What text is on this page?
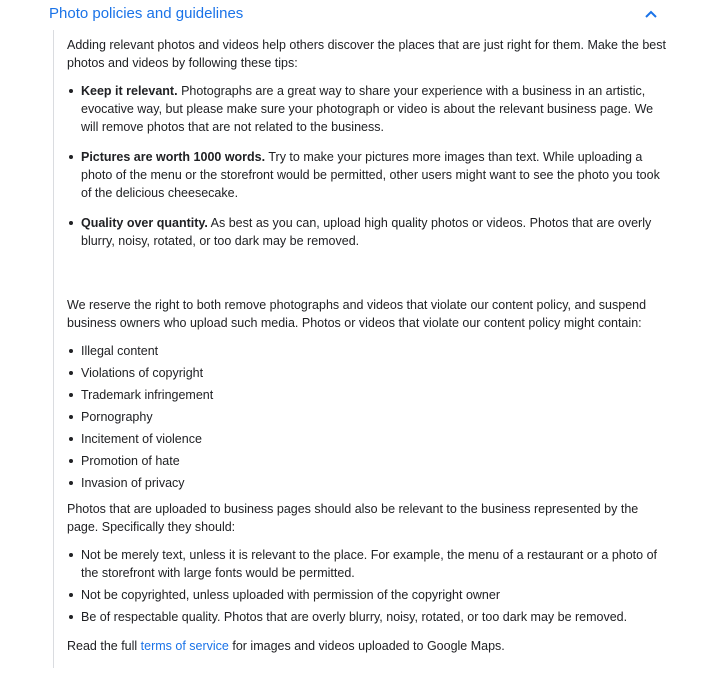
Photo policies and guidelines

Adding relevant photos and videos help others discover the places that are just right for them. Make the best photos and videos by following these tips:

Keep it relevant. Photographs are a great way to share your experience with a business in an artistic, evocative way, but please make sure your photograph or video is about the relevant business page. We will remove photos that are not related to the business.
Pictures are worth 1000 words. Try to make your pictures more images than text. While uploading a photo of the menu or the storefront would be permitted, other users might want to see the photo you took of the delicious cheesecake.
Quality over quantity. As best as you can, upload high quality photos or videos. Photos that are overly blurry, noisy, rotated, or too dark may be removed.

We reserve the right to both remove photographs and videos that violate our content policy, and suspend business owners who upload such media. Photos or videos that violate our content policy might contain:

Illegal content
Violations of copyright
Trademark infringement
Pornography
Incitement of violence
Promotion of hate
Invasion of privacy

Photos that are uploaded to business pages should also be relevant to the business represented by the page. Specifically they should:

Not be merely text, unless it is relevant to the place. For example, the menu of a restaurant or a photo of the storefront with large fonts would be permitted.
Not be copyrighted, unless uploaded with permission of the copyright owner
Be of respectable quality. Photos that are overly blurry, noisy, rotated, or too dark may be removed.

Read the full terms of service for images and videos uploaded to Google Maps.
